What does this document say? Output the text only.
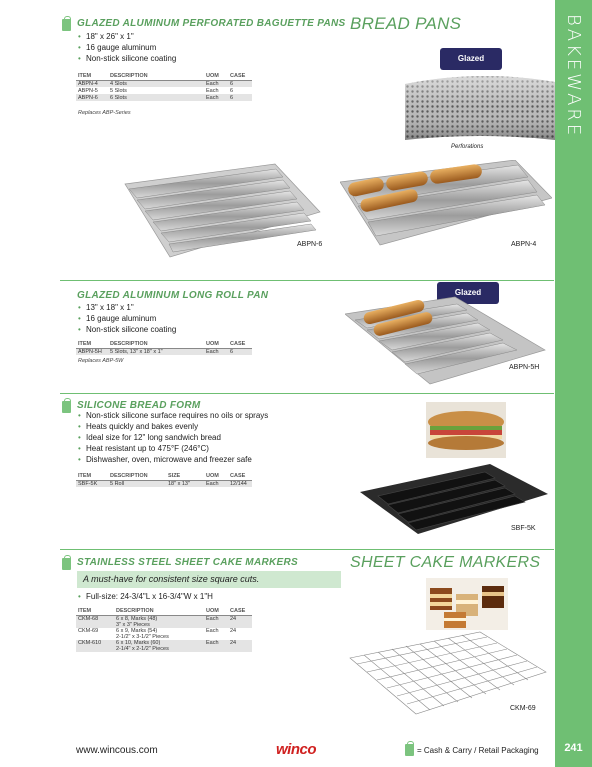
BAKEWARE
241
GLAZED ALUMINUM PERFORATED BAGUETTE PANS BREAD PANS
• 18" x 26" x 1"
• 16 gauge aluminum
• Non-stick silicone coating
ITEM	DESCRIPTION	UOM	CASE
ABPN-4	4 Slots	Each	6
ABPN-5	5 Slots	Each	6
ABPN-6	6 Slots	Each	6
Replaces ABP-Series
Glazed
Perforations
ABPN-6	ABPN-4
GLAZED ALUMINUM LONG ROLL PAN
• 13" x 18" x 1"
• 16 gauge aluminum
• Non-stick silicone coating
ITEM	DESCRIPTION	UOM	CASE
ABPN-5H	5 Slots, 13" x 18" x 1"	Each	6
Replaces ABP-5W
Glazed
ABPN-5H
SILICONE BREAD FORM
• Non-stick silicone surface requires no oils or sprays
• Heats quickly and bakes evenly
• Ideal size for 12" long sandwich bread
• Heat resistant up to 475°F (246°C)
• Dishwasher, oven, microwave and freezer safe
ITEM	DESCRIPTION	SIZE	UOM	CASE
SBF-5K	5 Roll	18" x 13"	Each	12/144
SBF-5K
STAINLESS STEEL SHEET CAKE MARKERS	SHEET CAKE MARKERS
A must-have for consistent size square cuts.
• Full-size: 24-3/4"L x 16-3/4"W x 1"H
ITEM	DESCRIPTION	UOM	CASE
CKM-68	6 x 8, Marks (48)
3" x 3" Pieces	Each	24
CKM-69	6 x 9, Marks (54)
2-1/2" x 3-1/2" Pieces	Each	24
CKM-610	6 x 10, Marks (60)
2-1/4" x 2-1/2" Pieces	Each	24
CKM-69
www.wincous.com	winco	= Cash & Carry / Retail Packaging
